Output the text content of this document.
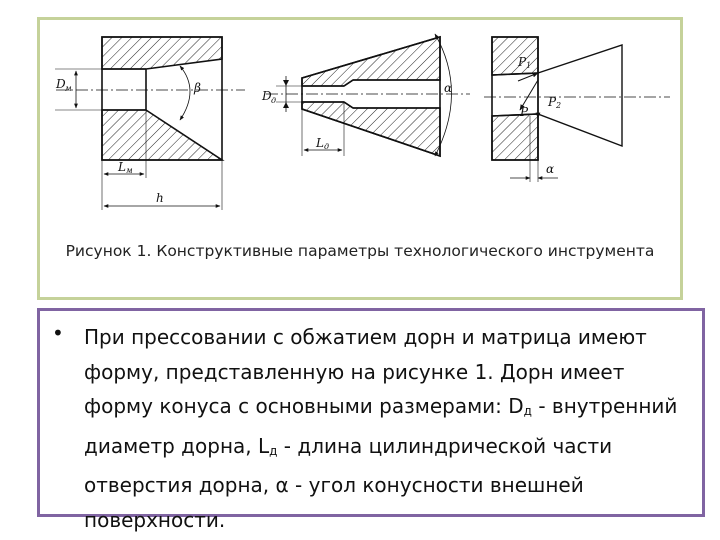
D м	β
L м
h
D д
L д
α
P 1
P
P 2
α
Рисунок 1. Конструктивные параметры технологического инструмента
• При прессовании с обжатием дорн и матрица имеют форму, представленную на рисунке 1. Дорн имеет форму конуса с основными размерами: $D_д$ - внутренний диаметр дорна, $L_д$ - длина цилиндрической части отверстия дорна, α - угол конусности внешней поверхности.
